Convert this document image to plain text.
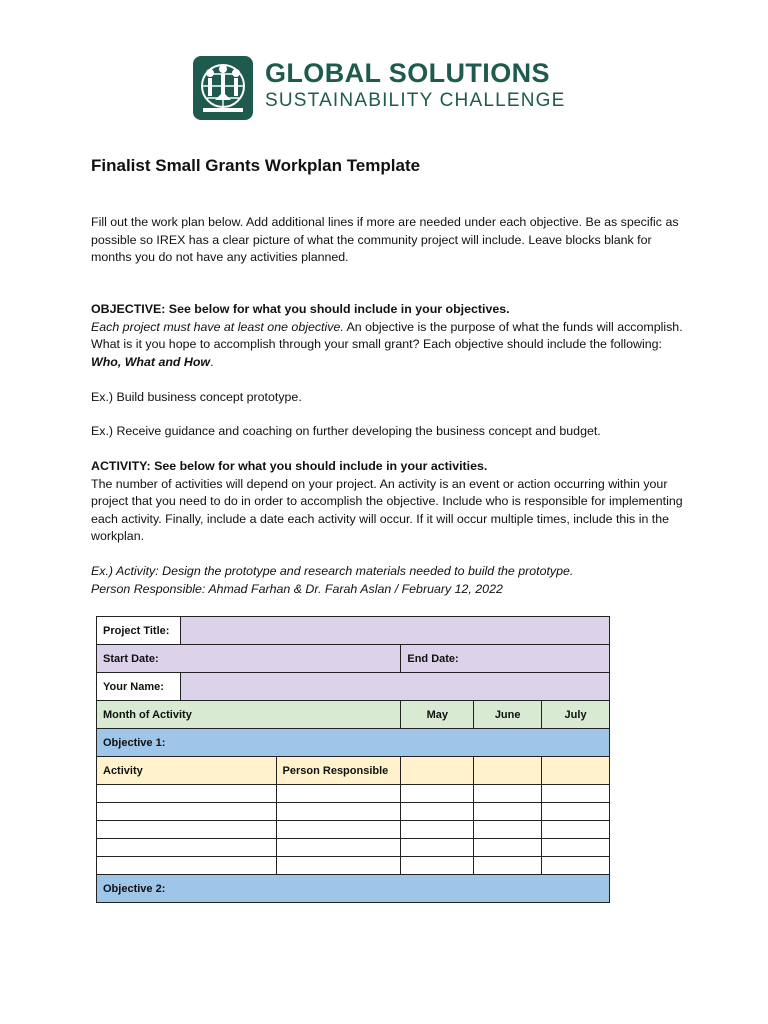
GLOBAL SOLUTIONS
SUSTAINABILITY CHALLENGE
Finalist Small Grants Workplan Template
Fill out the work plan below. Add additional lines if more are needed under each objective. Be as specific as possible so IREX has a clear picture of what the community project will include. Leave blocks blank for months you do not have any activities planned.
OBJECTIVE: See below for what you should include in your objectives.
Each project must have at least one objective. An objective is the purpose of what the funds will accomplish. What is it you hope to accomplish through your small grant? Each objective should include the following: Who, What and How.
Ex.) Build business concept prototype.
Ex.) Receive guidance and coaching on further developing the business concept and budget.
ACTIVITY: See below for what you should include in your activities.
The number of activities will depend on your project. An activity is an event or action occurring within your project that you need to do in order to accomplish the objective. Include who is responsible for implementing each activity. Finally, include a date each activity will occur. If it will occur multiple times, include this in the workplan.
Ex.) Activity: Design the prototype and research materials needed to build the prototype.
Person Responsible: Ahmad Farhan & Dr. Farah Aslan / February 12, 2022
Project Title:					
Start Date:			End Date:		
Your Name:					
Month of Activity			May	June	July
Objective 1:					
Activity		Person Responsible			

Objective 2:					
